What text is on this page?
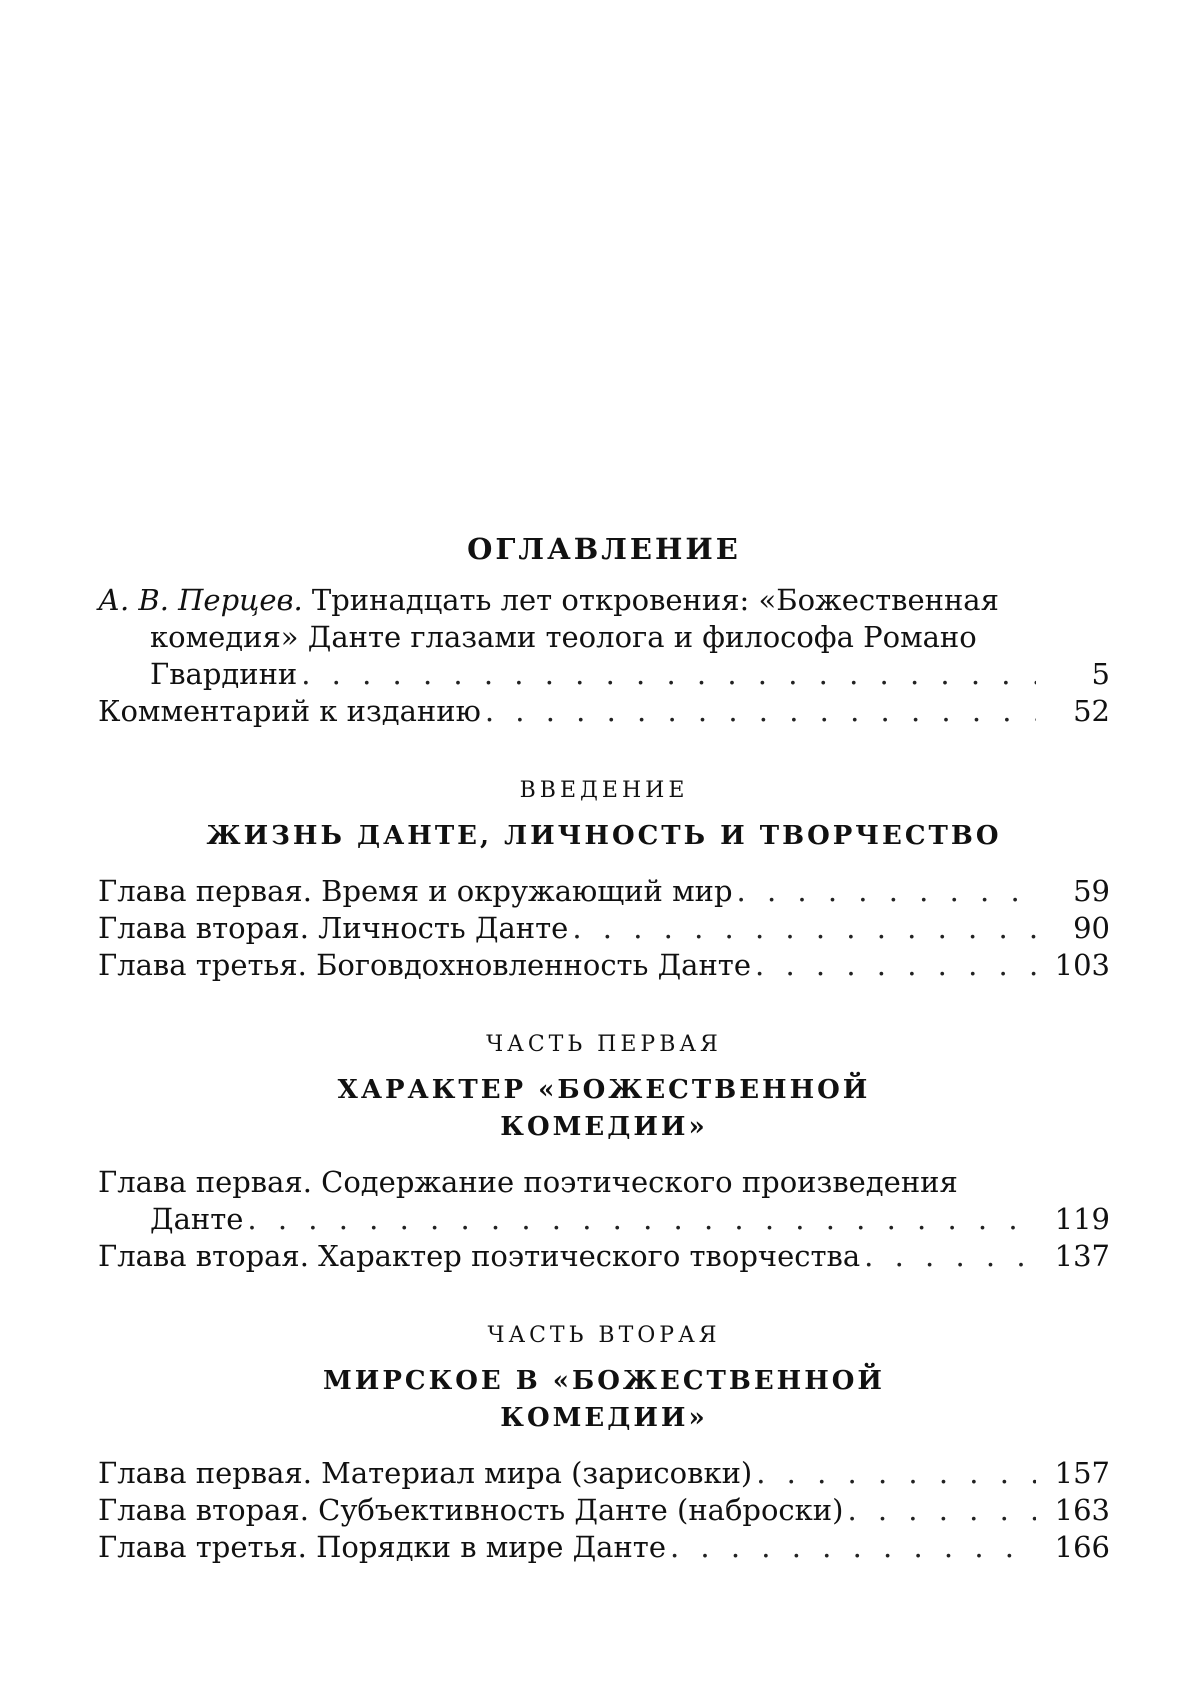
ОГЛАВЛЕНИЕ
А. В. Перцев. Тринадцать лет откровения: «Божественная
комедия» Данте глазами теолога и философа Романо
Гвардини . . .	5
Комментарий к изданию . . .	52
ВВЕДЕНИЕ
ЖИЗНЬ ДАНТЕ, ЛИЧНОСТЬ И ТВОРЧЕСТВО
Глава первая. Время и окружающий мир . . .	59
Глава вторая. Личность Данте . . .	90
Глава третья. Боговдохновленность Данте . . .	103
ЧАСТЬ ПЕРВАЯ
ХАРАКТЕР «БОЖЕСТВЕННОЙ
КОМЕДИИ»
Глава первая. Содержание поэтического произведения
Данте . . .	119
Глава вторая. Характер поэтического творчества . . .	137
ЧАСТЬ ВТОРАЯ
МИРСКОЕ В «БОЖЕСТВЕННОЙ
КОМЕДИИ»
Глава первая. Материал мира (зарисовки) . . .	157
Глава вторая. Субъективность Данте (наброски) . . .	163
Глава третья. Порядки в мире Данте . . .	166
